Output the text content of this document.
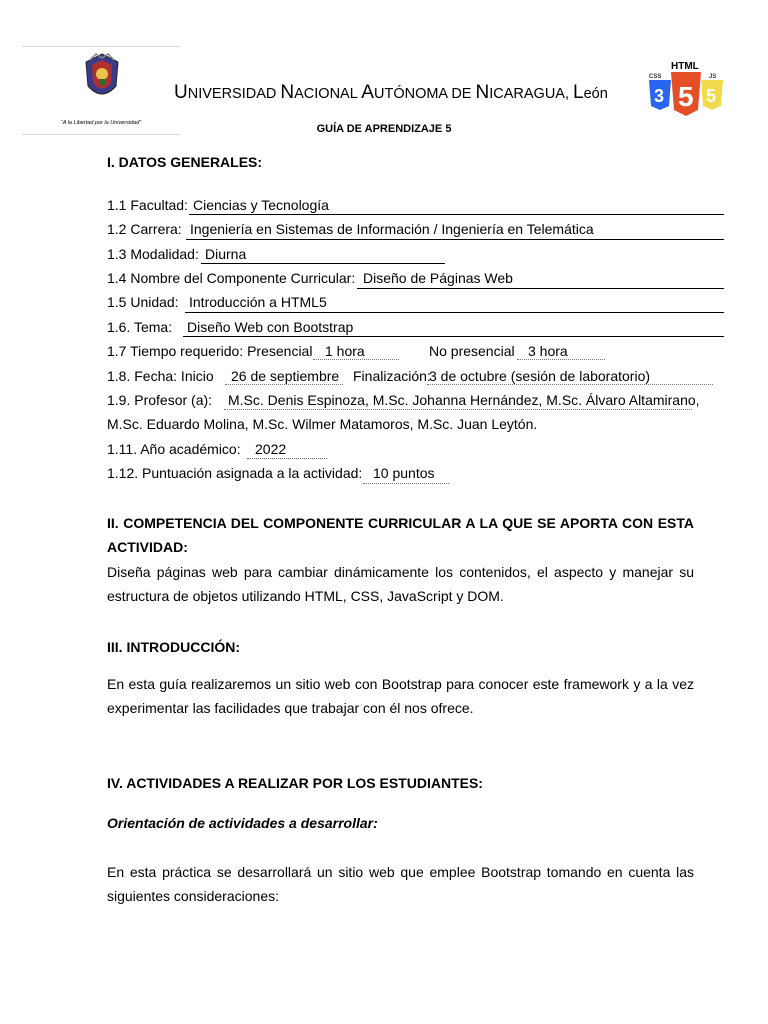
“A la Libertad por la Universidad”
UNIVERSIDAD NACIONAL AUTÓNOMA DE NICARAGUA, León
HTML
CSS	JS
3 5
5
GUÍA DE APRENDIZAJE 5
I. DATOS GENERALES:
1.1 Facultad: Ciencias y Tecnología
1.2 Carrera: Ingeniería en Sistemas de Información / Ingeniería en Telemática
1.3 Modalidad: Diurna
1.4 Nombre del Componente Curricular: Diseño de Páginas Web
1.5 Unidad: Introducción a HTML5
1.6. Tema: Diseño Web con Bootstrap
1.7 Tiempo requerido: Presencial 1 hora	No presencial 3 hora
1.8. Fecha: Inicio 26 de septiembre Finalización:
3 de octubre (sesión de laboratorio)
1.9. Profesor (a): M.Sc. Denis Espinoza, M.Sc. Johanna Hernández, M.Sc. Álvaro Altamirano,
M.Sc. Eduardo Molina, M.Sc. Wilmer Matamoros, M.Sc. Juan Leytón.
1.11. Año académico: 2022
1.12. Puntuación asignada a la actividad: 10 puntos
II. COMPETENCIA DEL COMPONENTE CURRICULAR A LA QUE SE APORTA CON ESTA
ACTIVIDAD:
Diseña páginas web para cambiar dinámicamente los contenidos, el aspecto y manejar su
estructura de objetos utilizando HTML, CSS, JavaScript y DOM.
III. INTRODUCCIÓN:
En esta guía realizaremos un sitio web con Bootstrap para conocer este framework y a la vez
experimentar las facilidades que trabajar con él nos ofrece.
IV. ACTIVIDADES A REALIZAR POR LOS ESTUDIANTES:
Orientación de actividades a desarrollar:
En esta práctica se desarrollará un sitio web que emplee Bootstrap tomando en cuenta las
siguientes consideraciones:
